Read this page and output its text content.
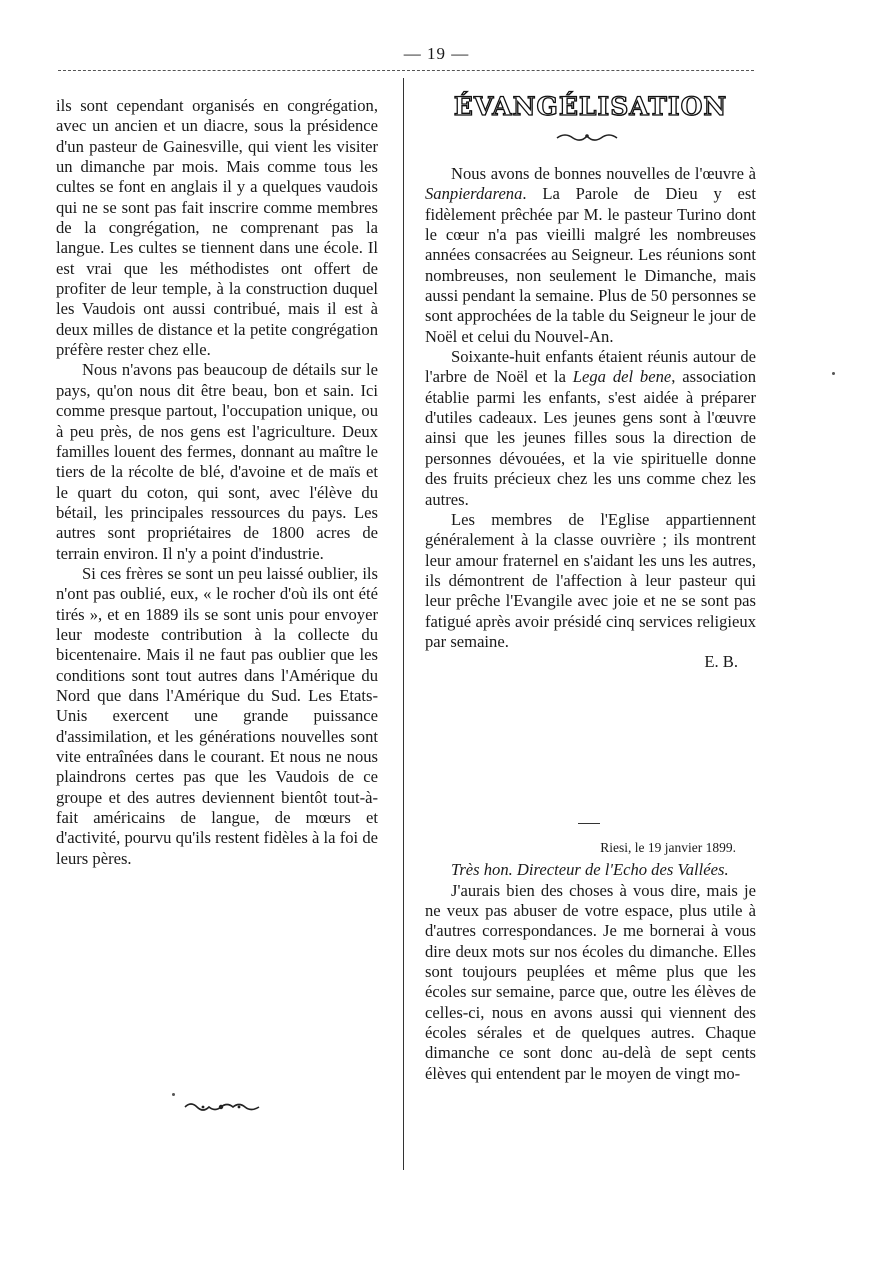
— 19 —

ils sont cependant organisés en congrégation, avec un ancien et un diacre, sous la présidence d'un pasteur de Gainesville, qui vient les visiter un dimanche par mois. Mais comme tous les cultes se font en anglais il y a quelques vaudois qui ne se sont pas fait inscrire comme membres de la congrégation, ne comprenant pas la langue. Les cultes se tiennent dans une école. Il est vrai que les méthodistes ont offert de profiter de leur temple, à la construction duquel les Vaudois ont aussi contribué, mais il est à deux milles de distance et la petite congrégation préfère rester chez elle.

Nous n'avons pas beaucoup de détails sur le pays, qu'on nous dit être beau, bon et sain. Ici comme presque partout, l'occupation unique, ou à peu près, de nos gens est l'agriculture. Deux familles louent des fermes, donnant au maître le tiers de la récolte de blé, d'avoine et de maïs et le quart du coton, qui sont, avec l'élève du bétail, les principales ressources du pays. Les autres sont propriétaires de 1800 acres de terrain environ. Il n'y a point d'industrie.

Si ces frères se sont un peu laissé oublier, ils n'ont pas oublié, eux, « le rocher d'où ils ont été tirés », et en 1889 ils se sont unis pour envoyer leur modeste contribution à la collecte du bicentenaire. Mais il ne faut pas oublier que les conditions sont tout autres dans l'Amérique du Nord que dans l'Amérique du Sud. Les Etats-Unis exercent une grande puissance d'assimilation, et les générations nouvelles sont vite entraînées dans le courant. Et nous ne nous plaindrons certes pas que les Vaudois de ce groupe et des autres deviennent bientôt tout-à-fait américains de langue, de mœurs et d'activité, pourvu qu'ils restent fidèles à la foi de leurs pères.

ÉVANGÉLISATION

Nous avons de bonnes nouvelles de l'œuvre à Sanpierdarena. La Parole de Dieu y est fidèlement prêchée par M. le pasteur Turino dont le cœur n'a pas vieilli malgré les nombreuses années consacrées au Seigneur. Les réunions sont nombreuses, non seulement le Dimanche, mais aussi pendant la semaine. Plus de 50 personnes se sont approchées de la table du Seigneur le jour de Noël et celui du Nouvel-An.

Soixante-huit enfants étaient réunis autour de l'arbre de Noël et la Lega del bene, association établie parmi les enfants, s'est aidée à préparer d'utiles cadeaux. Les jeunes gens sont à l'œuvre ainsi que les jeunes filles sous la direction de personnes dévouées, et la vie spirituelle donne des fruits précieux chez les uns comme chez les autres.

Les membres de l'Eglise appartiennent généralement à la classe ouvrière ; ils montrent leur amour fraternel en s'aidant les uns les autres, ils démontrent de l'affection à leur pasteur qui leur prêche l'Evangile avec joie et ne se sont pas fatigué après avoir présidé cinq services religieux par semaine.

E. B.

Riesi, le 19 janvier 1899.

Très hon. Directeur de l'Echo des Vallées.

J'aurais bien des choses à vous dire, mais je ne veux pas abuser de votre espace, plus utile à d'autres correspondances. Je me bornerai à vous dire deux mots sur nos écoles du dimanche. Elles sont toujours peuplées et même plus que les écoles sur semaine, parce que, outre les élèves de celles-ci, nous en avons aussi qui viennent des écoles sérales et de quelques autres. Chaque dimanche ce sont donc au-delà de sept cents élèves qui entendent par le moyen de vingt mo-
